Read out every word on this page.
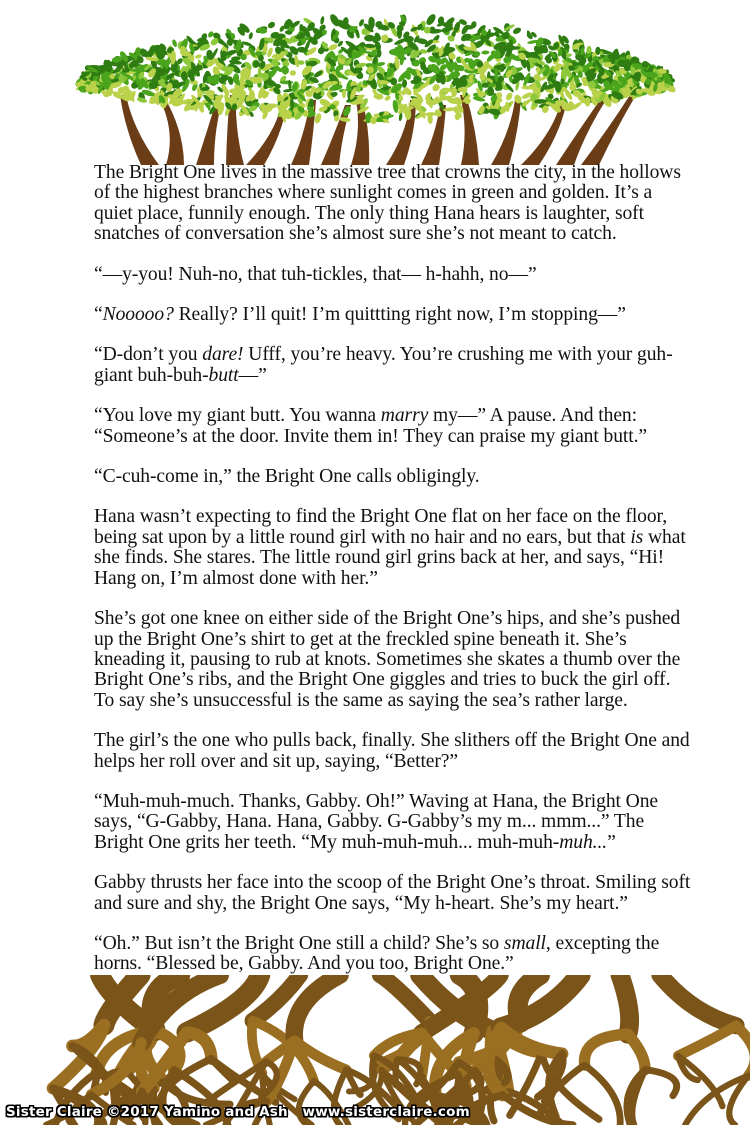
The Bright One lives in the massive tree that crowns the city, in the hollows of the highest branches where sunlight comes in green and golden. It’s a quiet place, funnily enough. The only thing Hana hears is laughter, soft snatches of conversation she’s almost sure she’s not meant to catch.

“—y-you! Nuh-no, that tuh-tickles, that— h-hahh, no—”

“Nooooo? Really? I’ll quit! I’m quittting right now, I’m stopping—”

“D-don’t you dare! Ufff, you’re heavy. You’re crushing me with your guh-giant buh-buh-butt—”

“You love my giant butt. You wanna marry my—” A pause. And then: “Someone’s at the door. Invite them in! They can praise my giant butt.”

“C-cuh-come in,” the Bright One calls obligingly.

Hana wasn’t expecting to find the Bright One flat on her face on the floor, being sat upon by a little round girl with no hair and no ears, but that is what she finds. She stares. The little round girl grins back at her, and says, “Hi! Hang on, I’m almost done with her.”

She’s got one knee on either side of the Bright One’s hips, and she’s pushed up the Bright One’s shirt to get at the freckled spine beneath it. She’s kneading it, pausing to rub at knots. Sometimes she skates a thumb over the Bright One’s ribs, and the Bright One giggles and tries to buck the girl off. To say she’s unsuccessful is the same as saying the sea’s rather large.

The girl’s the one who pulls back, finally. She slithers off the Bright One and helps her roll over and sit up, saying, “Better?”

“Muh-muh-much. Thanks, Gabby. Oh!” Waving at Hana, the Bright One says, “G-Gabby, Hana. Hana, Gabby. G-Gabby’s my m... mmm...” The Bright One grits her teeth. “My muh-muh-muh... muh-muh-muh...”

Gabby thrusts her face into the scoop of the Bright One’s throat. Smiling soft and sure and shy, the Bright One says, “My h-heart. She’s my heart.”

“Oh.” But isn’t the Bright One still a child? She’s so small, excepting the horns. “Blessed be, Gabby. And you too, Bright One.”

Sister Claire ©2017 Yamino and Ash www.sisterclaire.com
